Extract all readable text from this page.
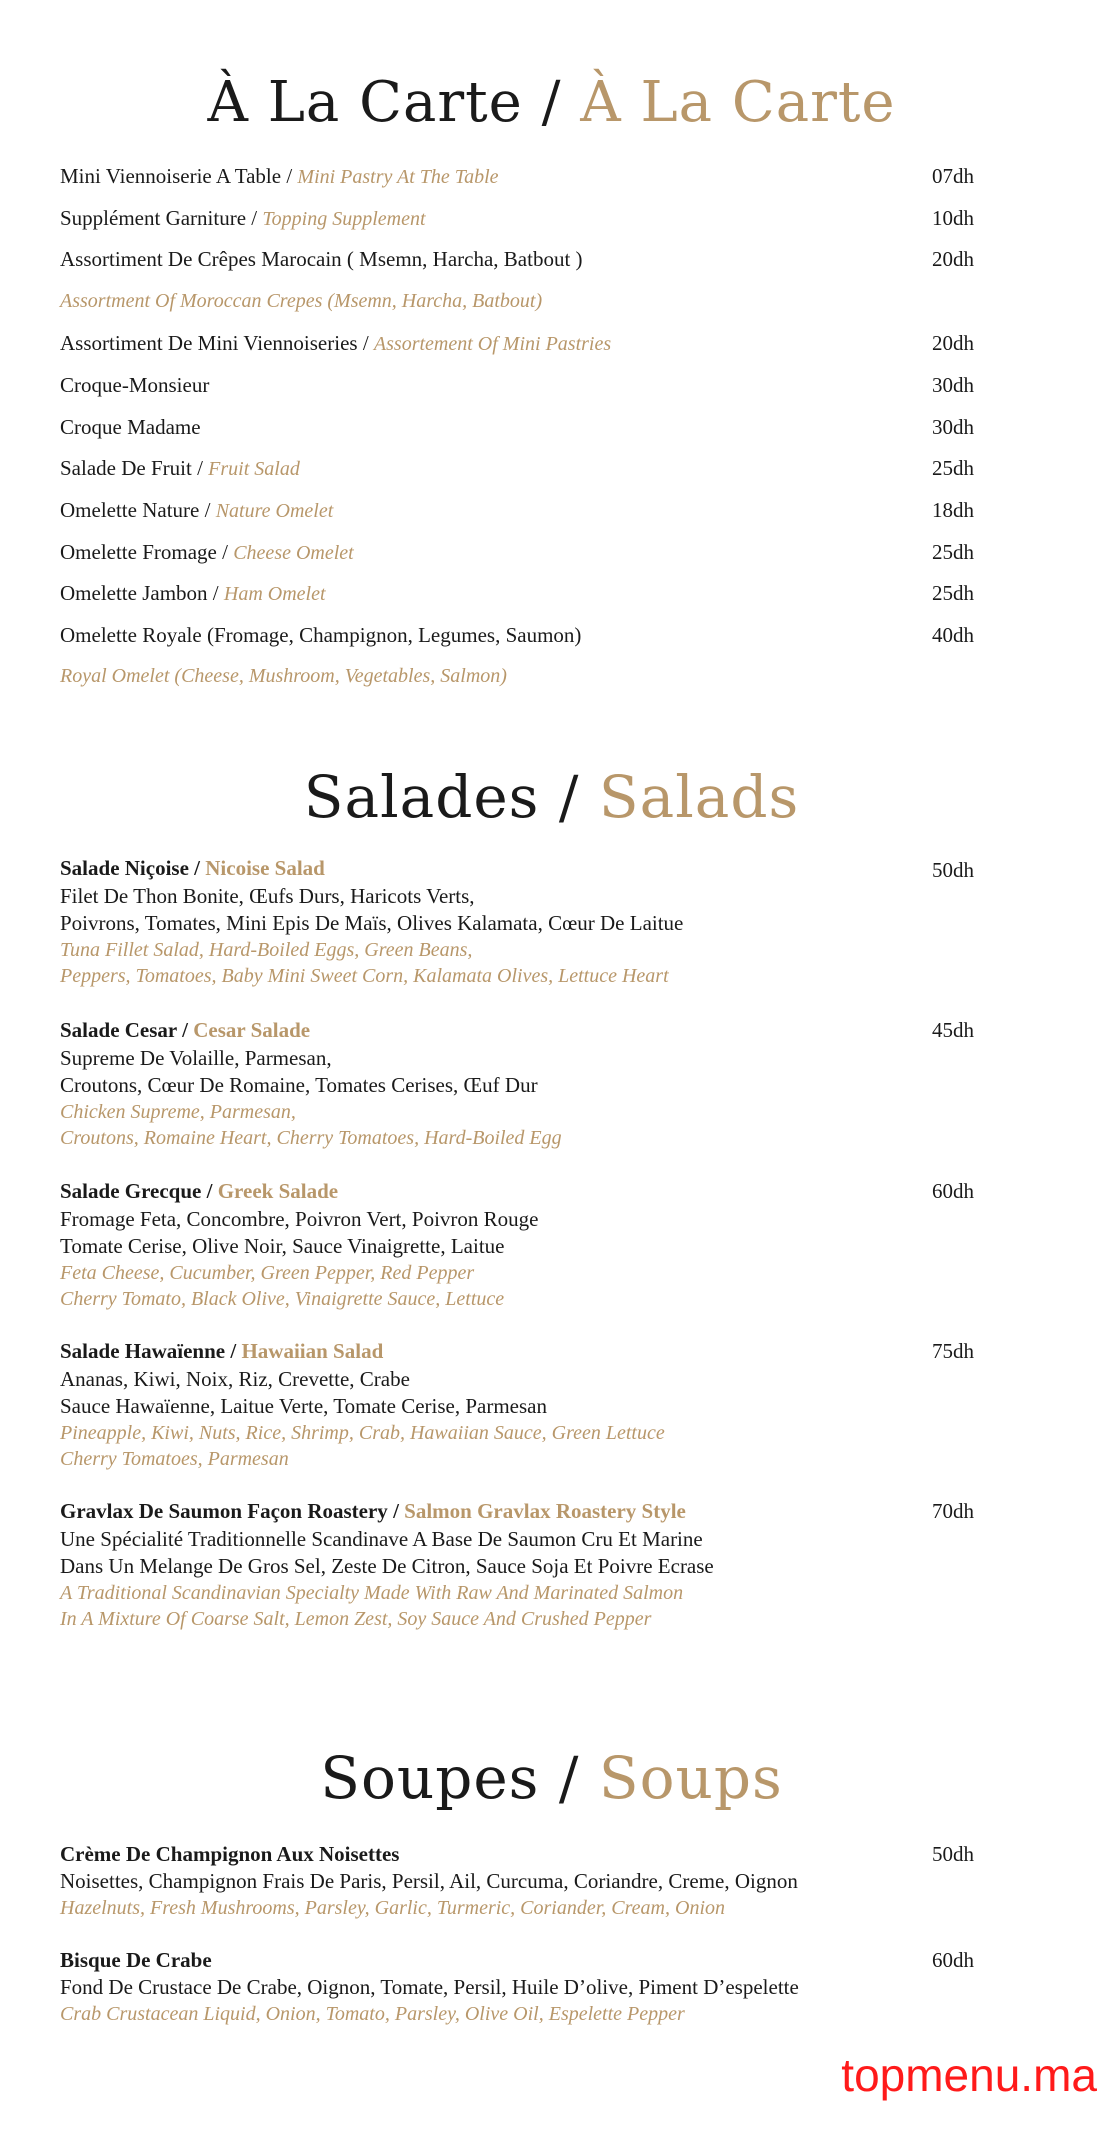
À La Carte / À La Carte
Mini Viennoiserie A Table / Mini Pastry At The Table	07dh
Supplément Garniture / Topping Supplement	10dh
Assortiment De Crêpes Marocain ( Msemn, Harcha, Batbout )	20dh
Assortment Of Moroccan Crepes (Msemn, Harcha, Batbout)
Assortiment De Mini Viennoiseries / Assortement Of Mini Pastries	20dh
Croque-Monsieur	30dh
Croque Madame	30dh
Salade De Fruit / Fruit Salad	25dh
Omelette Nature / Nature Omelet	18dh
Omelette Fromage / Cheese Omelet	25dh
Omelette Jambon / Ham Omelet	25dh
Omelette Royale (Fromage, Champignon, Legumes, Saumon)	40dh
Royal Omelet (Cheese, Mushroom, Vegetables, Salmon)
Salades / Salads
Salade Niçoise / Nicoise Salad	50dh
Filet De Thon Bonite, Œufs Durs, Haricots Verts,
Poivrons, Tomates, Mini Epis De Maïs, Olives Kalamata, Cœur De Laitue
Tuna Fillet Salad, Hard-Boiled Eggs, Green Beans,
Peppers, Tomatoes, Baby Mini Sweet Corn, Kalamata Olives, Lettuce Heart
Salade Cesar / Cesar Salade	45dh
Supreme De Volaille, Parmesan,
Croutons, Cœur De Romaine, Tomates Cerises, Œuf Dur
Chicken Supreme, Parmesan,
Croutons, Romaine Heart, Cherry Tomatoes, Hard-Boiled Egg
Salade Grecque / Greek Salade	60dh
Fromage Feta, Concombre, Poivron Vert, Poivron Rouge
Tomate Cerise, Olive Noir, Sauce Vinaigrette, Laitue
Feta Cheese, Cucumber, Green Pepper, Red Pepper
Cherry Tomato, Black Olive, Vinaigrette Sauce, Lettuce
Salade Hawaïenne / Hawaiian Salad	75dh
Ananas, Kiwi, Noix, Riz, Crevette, Crabe
Sauce Hawaïenne, Laitue Verte, Tomate Cerise, Parmesan
Pineapple, Kiwi, Nuts, Rice, Shrimp, Crab, Hawaiian Sauce, Green Lettuce
Cherry Tomatoes, Parmesan
Gravlax De Saumon Façon Roastery / Salmon Gravlax Roastery Style	70dh
Une Spécialité Traditionnelle Scandinave A Base De Saumon Cru Et Marine
Dans Un Melange De Gros Sel, Zeste De Citron, Sauce Soja Et Poivre Ecrase
A Traditional Scandinavian Specialty Made With Raw And Marinated Salmon
In A Mixture Of Coarse Salt, Lemon Zest, Soy Sauce And Crushed Pepper
Soupes / Soups
Crème De Champignon Aux Noisettes	50dh
Noisettes, Champignon Frais De Paris, Persil, Ail, Curcuma, Coriandre, Creme, Oignon
Hazelnuts, Fresh Mushrooms, Parsley, Garlic, Turmeric, Coriander, Cream, Onion
Bisque De Crabe	60dh
Fond De Crustace De Crabe, Oignon, Tomate, Persil, Huile D’olive, Piment D’espelette
Crab Crustacean Liquid, Onion, Tomato, Parsley, Olive Oil, Espelette Pepper
topmenu.ma
